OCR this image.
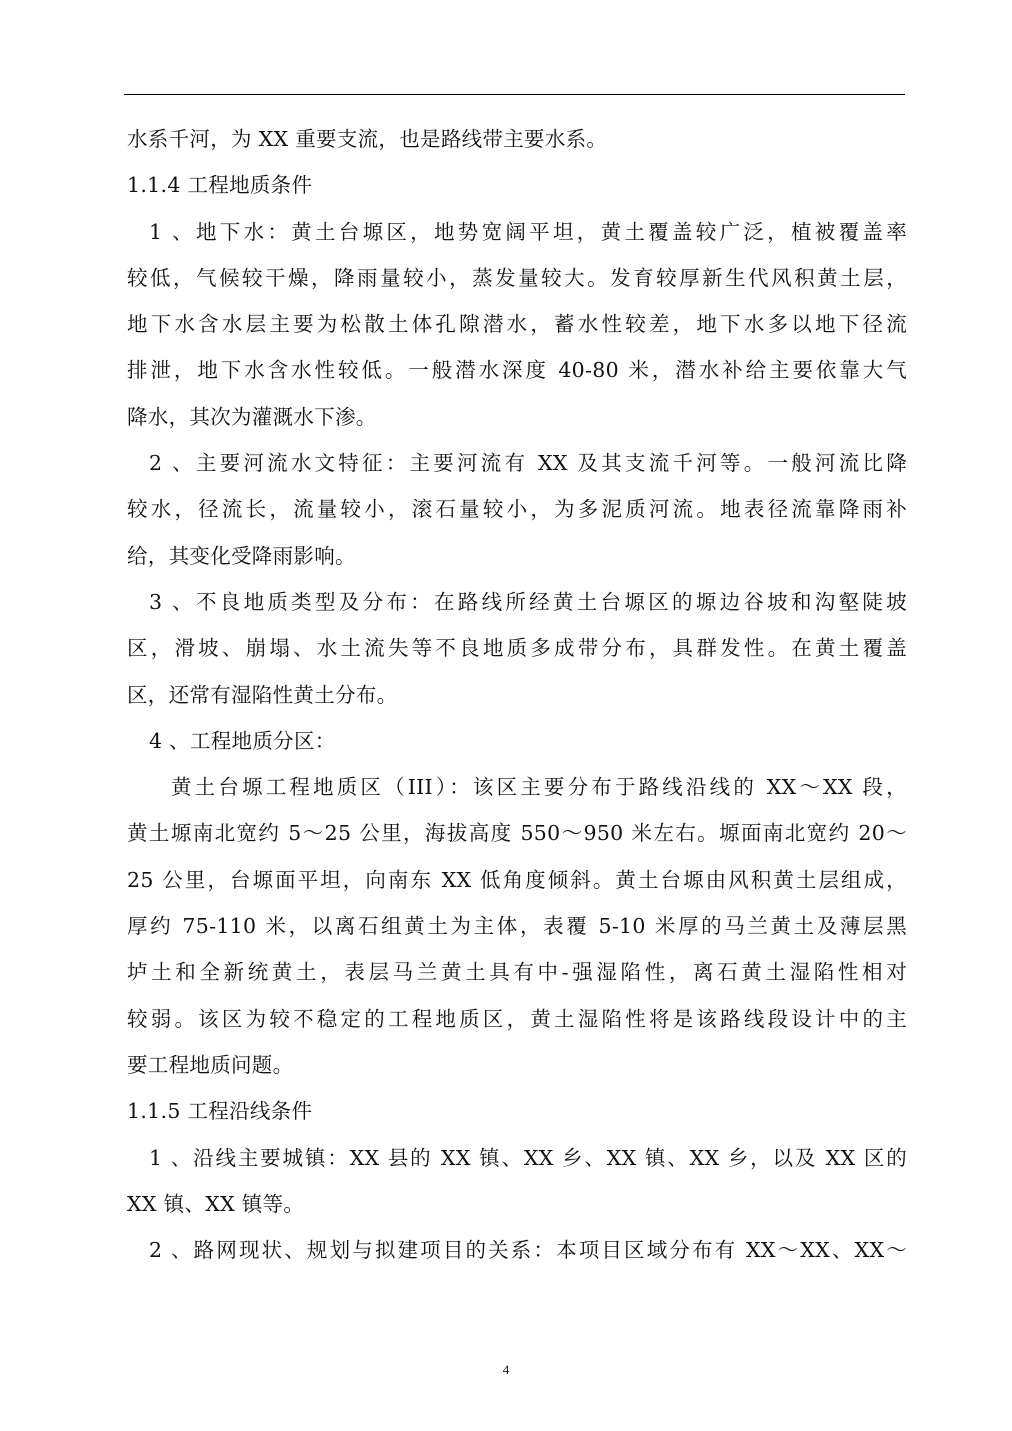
水系千河，为 XX 重要支流，也是路线带主要水系。
1.1.4 工程地质条件
1 、地下水：黄土台塬区，地势宽阔平坦，黄土覆盖较广泛，植被覆盖率
较低，气候较干燥，降雨量较小，蒸发量较大。发育较厚新生代风积黄土层，
地下水含水层主要为松散土体孔隙潜水，蓄水性较差，地下水多以地下径流
排泄，地下水含水性较低。一般潜水深度 40-80 米，潜水补给主要依靠大气
降水，其次为灌溉水下渗。
2 、主要河流水文特征：主要河流有 XX 及其支流千河等。一般河流比降
较水，径流长，流量较小，滚石量较小，为多泥质河流。地表径流靠降雨补
给，其变化受降雨影响。
3 、不良地质类型及分布：在路线所经黄土台塬区的塬边谷坡和沟壑陡坡
区，滑坡、崩塌、水土流失等不良地质多成带分布，具群发性。在黄土覆盖
区，还常有湿陷性黄土分布。
4 、工程地质分区：
黄土台塬工程地质区（III）：该区主要分布于路线沿线的 XX～XX 段，
黄土塬南北宽约 5～25 公里，海拔高度 550～950 米左右。塬面南北宽约 20～
25 公里，台塬面平坦，向南东 XX 低角度倾斜。黄土台塬由风积黄土层组成，
厚约 75-110 米，以离石组黄土为主体，表覆 5-10 米厚的马兰黄土及薄层黑
垆土和全新统黄土，表层马兰黄土具有中-强湿陷性，离石黄土湿陷性相对
较弱。该区为较不稳定的工程地质区，黄土湿陷性将是该路线段设计中的主
要工程地质问题。
1.1.5 工程沿线条件
1 、沿线主要城镇：XX 县的 XX 镇、XX 乡、XX 镇、XX 乡，以及 XX 区的
XX 镇、XX 镇等。
2 、路网现状、规划与拟建项目的关系：本项目区域分布有 XX～XX、XX～
4
